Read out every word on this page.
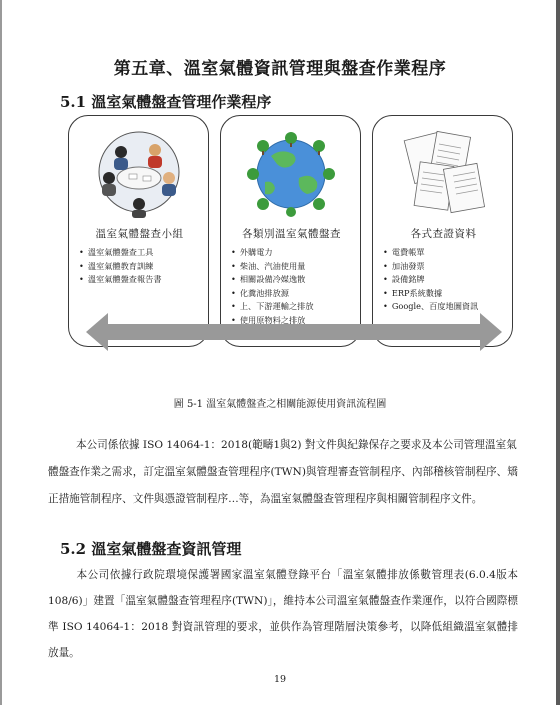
第五章、溫室氣體資訊管理與盤查作業程序
5.1 溫室氣體盤查管理作業程序
溫室氣體盤查小組
• 溫室氣體盤查工具
• 溫室氣體教育訓練
• 溫室氣體盤查報告書
各類別溫室氣體盤查
• 外購電力
• 柴油、汽油使用量
• 相關設備冷媒逸散
• 化糞池排放源
• 上、下游運輸之排放
• 使用原物料之排放
各式查證資料
• 電費帳單
• 加油發票
• 設備銘牌
• ERP系統數據
• Google、百度地圖資訊
圖 5-1 溫室氣體盤查之相關能源使用資訊流程圖

本公司係依據 ISO 14064-1：2018(範疇1與2) 對文件與紀錄保存之要求及本公司管理溫室氣體盤查作業之需求，訂定溫室氣體盤查管理程序(TWN)與管理審查管制程序、內部稽核管制程序、矯正措施管制程序、文件與憑證管制程序…等，為溫室氣體盤查管理程序與相關管制程序文件。

5.2 溫室氣體盤查資訊管理

本公司依據行政院環境保護署國家溫室氣體登錄平台「溫室氣體排放係數管理表(6.0.4版本108/6)」建置「溫室氣體盤查管理程序(TWN)」，維持本公司溫室氣體盤查作業運作，以符合國際標準 ISO 14064-1：2018 對資訊管理的要求，並供作為管理階層決策參考，以降低組織溫室氣體排放量。

19
